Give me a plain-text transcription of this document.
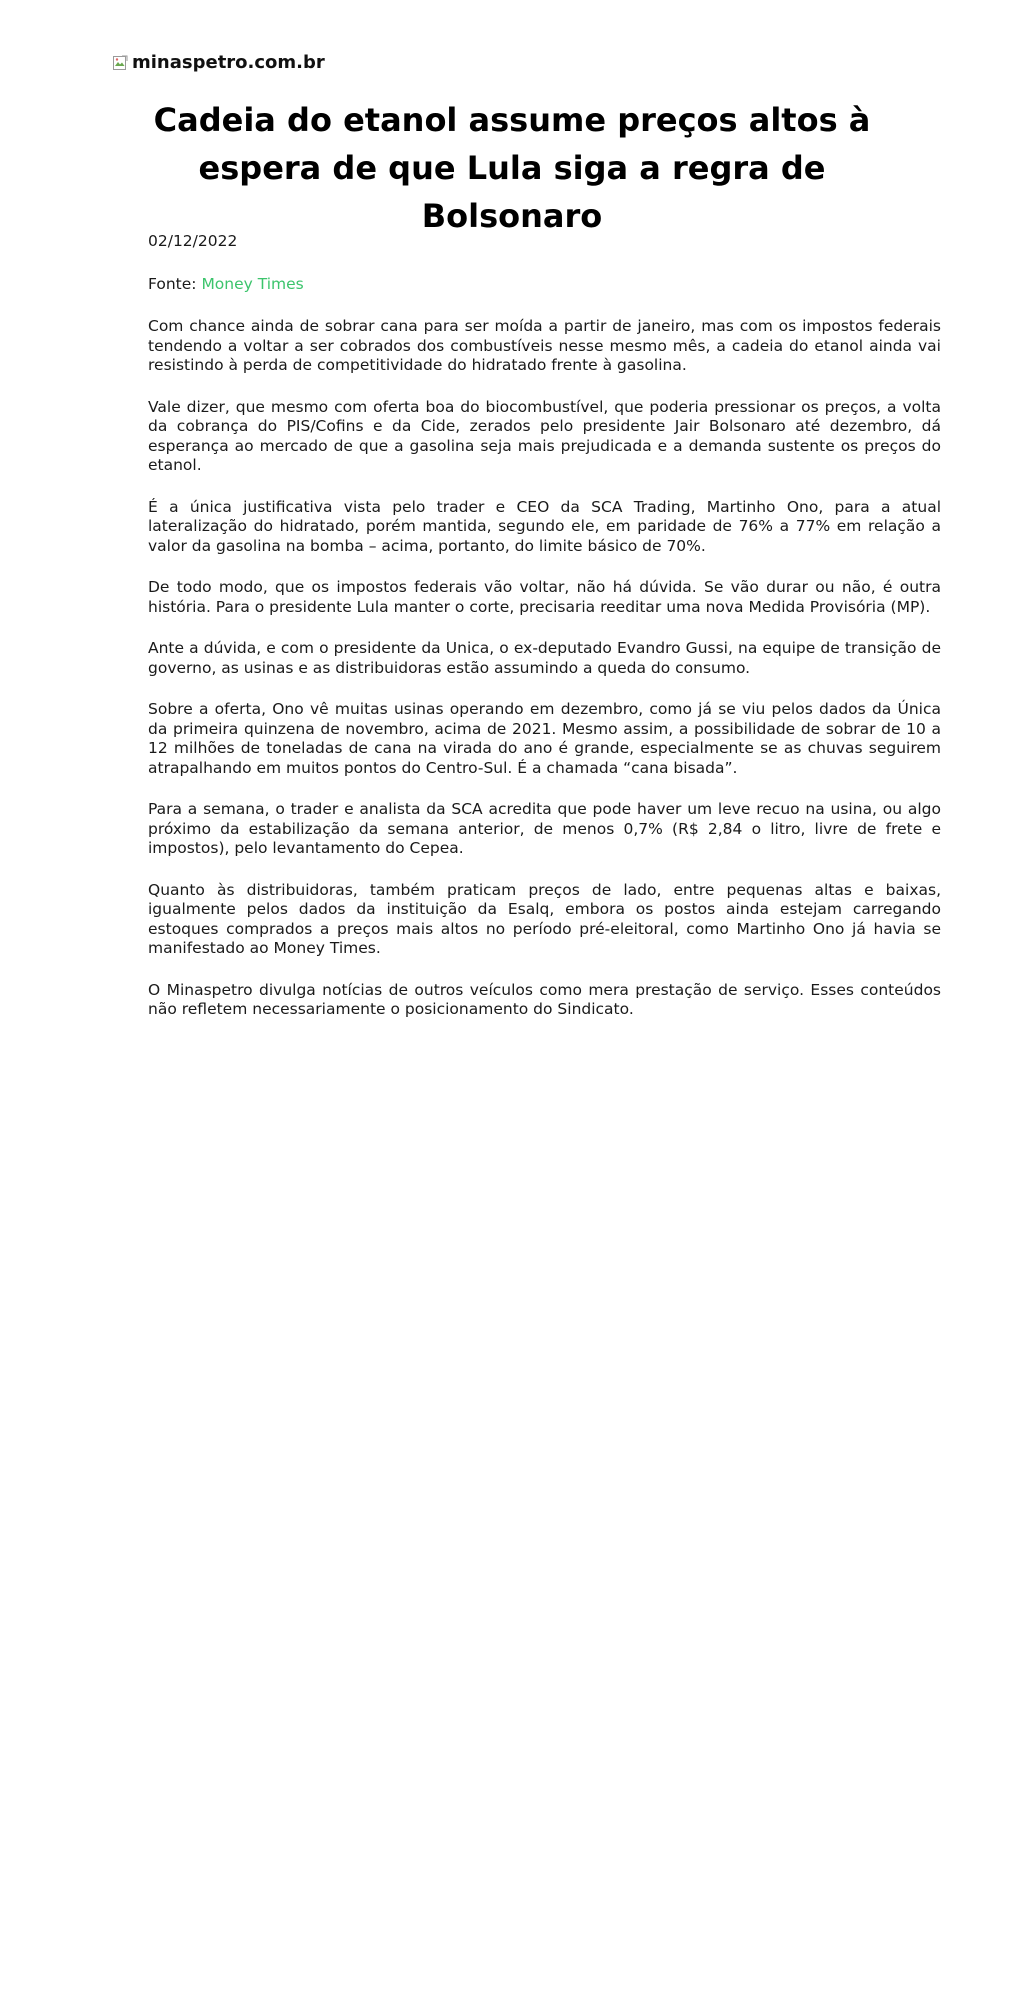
minaspetro.com.br
Cadeia do etanol assume preços altos à espera de que Lula siga a regra de Bolsonaro

02/12/2022

Fonte: Money Times

Com chance ainda de sobrar cana para ser moída a partir de janeiro, mas com os impostos federais tendendo a voltar a ser cobrados dos combustíveis nesse mesmo mês, a cadeia do etanol ainda vai resistindo à perda de competitividade do hidratado frente à gasolina.

Vale dizer, que mesmo com oferta boa do biocombustível, que poderia pressionar os preços, a volta da cobrança do PIS/Cofins e da Cide, zerados pelo presidente Jair Bolsonaro até dezembro, dá esperança ao mercado de que a gasolina seja mais prejudicada e a demanda sustente os preços do etanol.

É a única justificativa vista pelo trader e CEO da SCA Trading, Martinho Ono, para a atual lateralização do hidratado, porém mantida, segundo ele, em paridade de 76% a 77% em relação a valor da gasolina na bomba – acima, portanto, do limite básico de 70%.

De todo modo, que os impostos federais vão voltar, não há dúvida. Se vão durar ou não, é outra história. Para o presidente Lula manter o corte, precisaria reeditar uma nova Medida Provisória (MP).

Ante a dúvida, e com o presidente da Unica, o ex-deputado Evandro Gussi, na equipe de transição de governo, as usinas e as distribuidoras estão assumindo a queda do consumo.

Sobre a oferta, Ono vê muitas usinas operando em dezembro, como já se viu pelos dados da Única da primeira quinzena de novembro, acima de 2021. Mesmo assim, a possibilidade de sobrar de 10 a 12 milhões de toneladas de cana na virada do ano é grande, especialmente se as chuvas seguirem atrapalhando em muitos pontos do Centro-Sul. É a chamada “cana bisada”.

Para a semana, o trader e analista da SCA acredita que pode haver um leve recuo na usina, ou algo próximo da estabilização da semana anterior, de menos 0,7% (R$ 2,84 o litro, livre de frete e impostos), pelo levantamento do Cepea.

Quanto às distribuidoras, também praticam preços de lado, entre pequenas altas e baixas, igualmente pelos dados da instituição da Esalq, embora os postos ainda estejam carregando estoques comprados a preços mais altos no período pré-eleitoral, como Martinho Ono já havia se manifestado ao Money Times.

O Minaspetro divulga notícias de outros veículos como mera prestação de serviço. Esses conteúdos não refletem necessariamente o posicionamento do Sindicato.
